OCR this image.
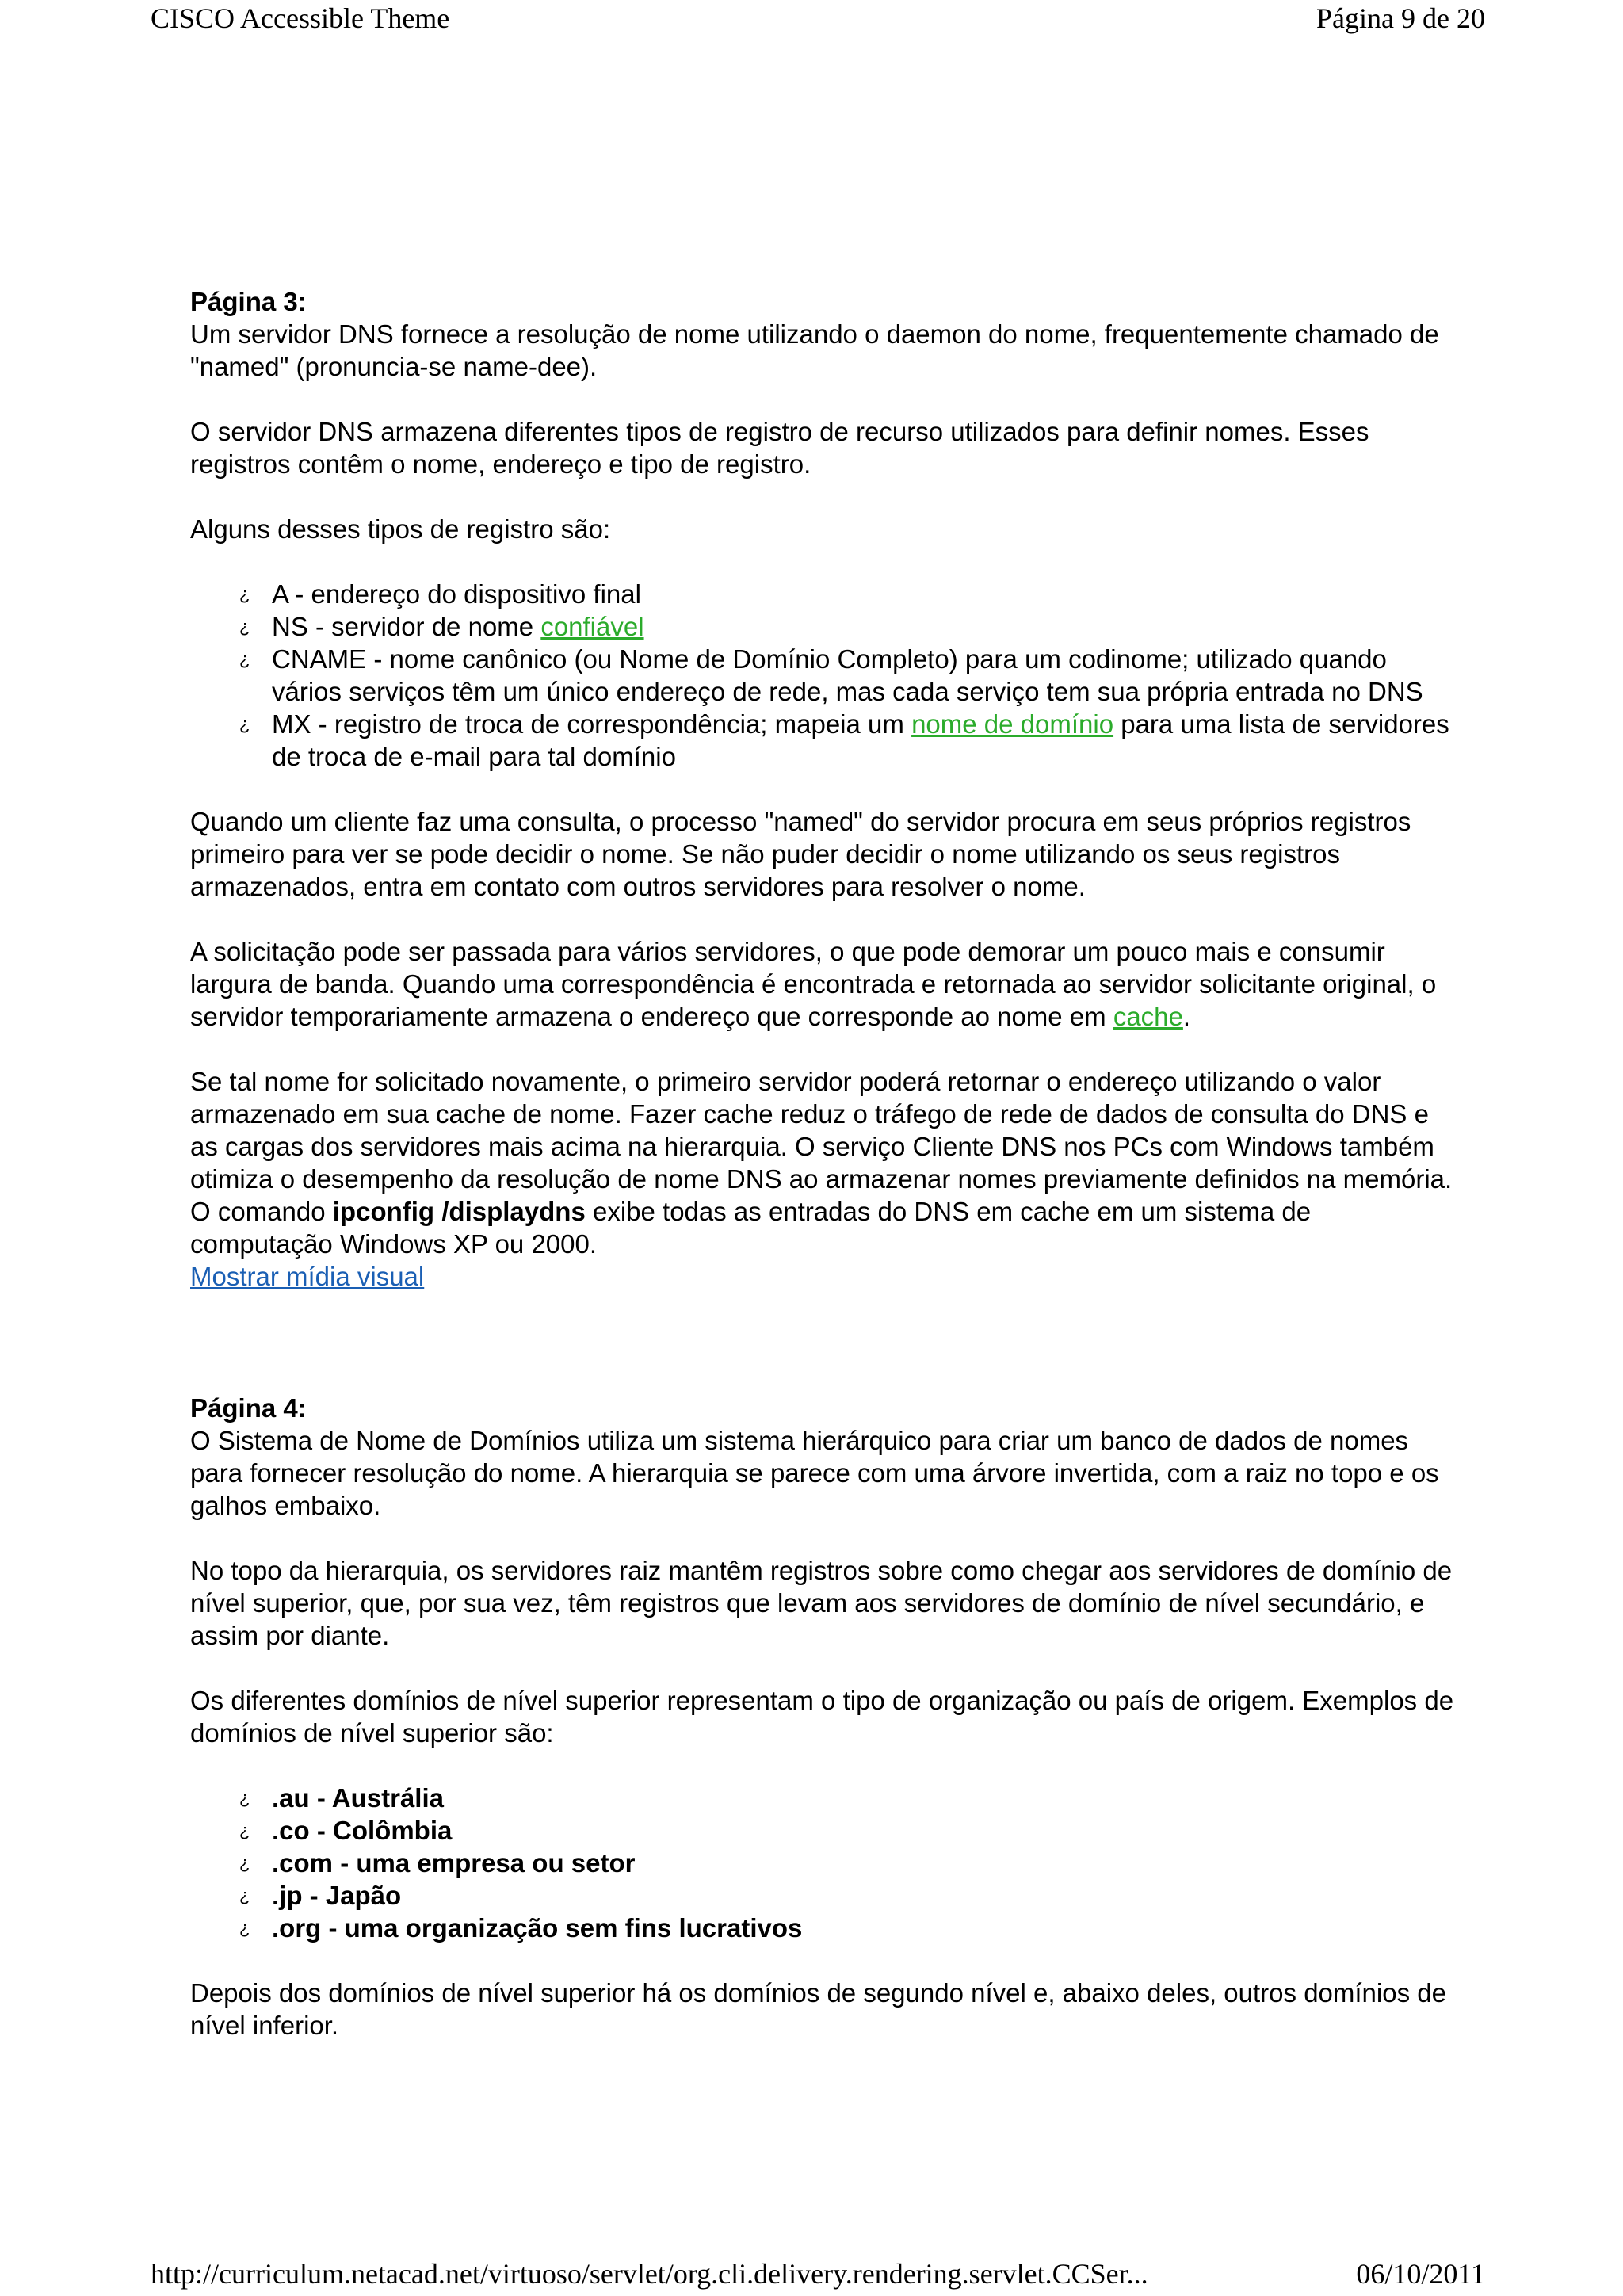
CISCO Accessible Theme	Página 9 de 20
Página 3:

Um servidor DNS fornece a resolução de nome utilizando o daemon do nome, frequentemente chamado de "named" (pronuncia-se name-dee).

O servidor DNS armazena diferentes tipos de registro de recurso utilizados para definir nomes. Esses registros contêm o nome, endereço e tipo de registro.

Alguns desses tipos de registro são:

¿ A - endereço do dispositivo final
¿ NS - servidor de nome confiável
¿ CNAME - nome canônico (ou Nome de Domínio Completo) para um codinome; utilizado quando vários serviços têm um único endereço de rede, mas cada serviço tem sua própria entrada no DNS
¿ MX - registro de troca de correspondência; mapeia um nome de domínio para uma lista de servidores de troca de e-mail para tal domínio

Quando um cliente faz uma consulta, o processo "named" do servidor procura em seus próprios registros primeiro para ver se pode decidir o nome. Se não puder decidir o nome utilizando os seus registros armazenados, entra em contato com outros servidores para resolver o nome.

A solicitação pode ser passada para vários servidores, o que pode demorar um pouco mais e consumir largura de banda. Quando uma correspondência é encontrada e retornada ao servidor solicitante original, o servidor temporariamente armazena o endereço que corresponde ao nome em cache.

Se tal nome for solicitado novamente, o primeiro servidor poderá retornar o endereço utilizando o valor armazenado em sua cache de nome. Fazer cache reduz o tráfego de rede de dados de consulta do DNS e as cargas dos servidores mais acima na hierarquia. O serviço Cliente DNS nos PCs com Windows também otimiza o desempenho da resolução de nome DNS ao armazenar nomes previamente definidos na memória. O comando ipconfig /displaydns exibe todas as entradas do DNS em cache em um sistema de computação Windows XP ou 2000.
Mostrar mídia visual

Página 4:

O Sistema de Nome de Domínios utiliza um sistema hierárquico para criar um banco de dados de nomes para fornecer resolução do nome. A hierarquia se parece com uma árvore invertida, com a raiz no topo e os galhos embaixo.

No topo da hierarquia, os servidores raiz mantêm registros sobre como chegar aos servidores de domínio de nível superior, que, por sua vez, têm registros que levam aos servidores de domínio de nível secundário, e assim por diante.

Os diferentes domínios de nível superior representam o tipo de organização ou país de origem. Exemplos de domínios de nível superior são:

¿ .au - Austrália
¿ .co - Colômbia
¿ .com - uma empresa ou setor
¿ .jp - Japão
¿ .org - uma organização sem fins lucrativos

Depois dos domínios de nível superior há os domínios de segundo nível e, abaixo deles, outros domínios de nível inferior.

http://curriculum.netacad.net/virtuoso/servlet/org.cli.delivery.rendering.servlet.CCSer...	06/10/2011
